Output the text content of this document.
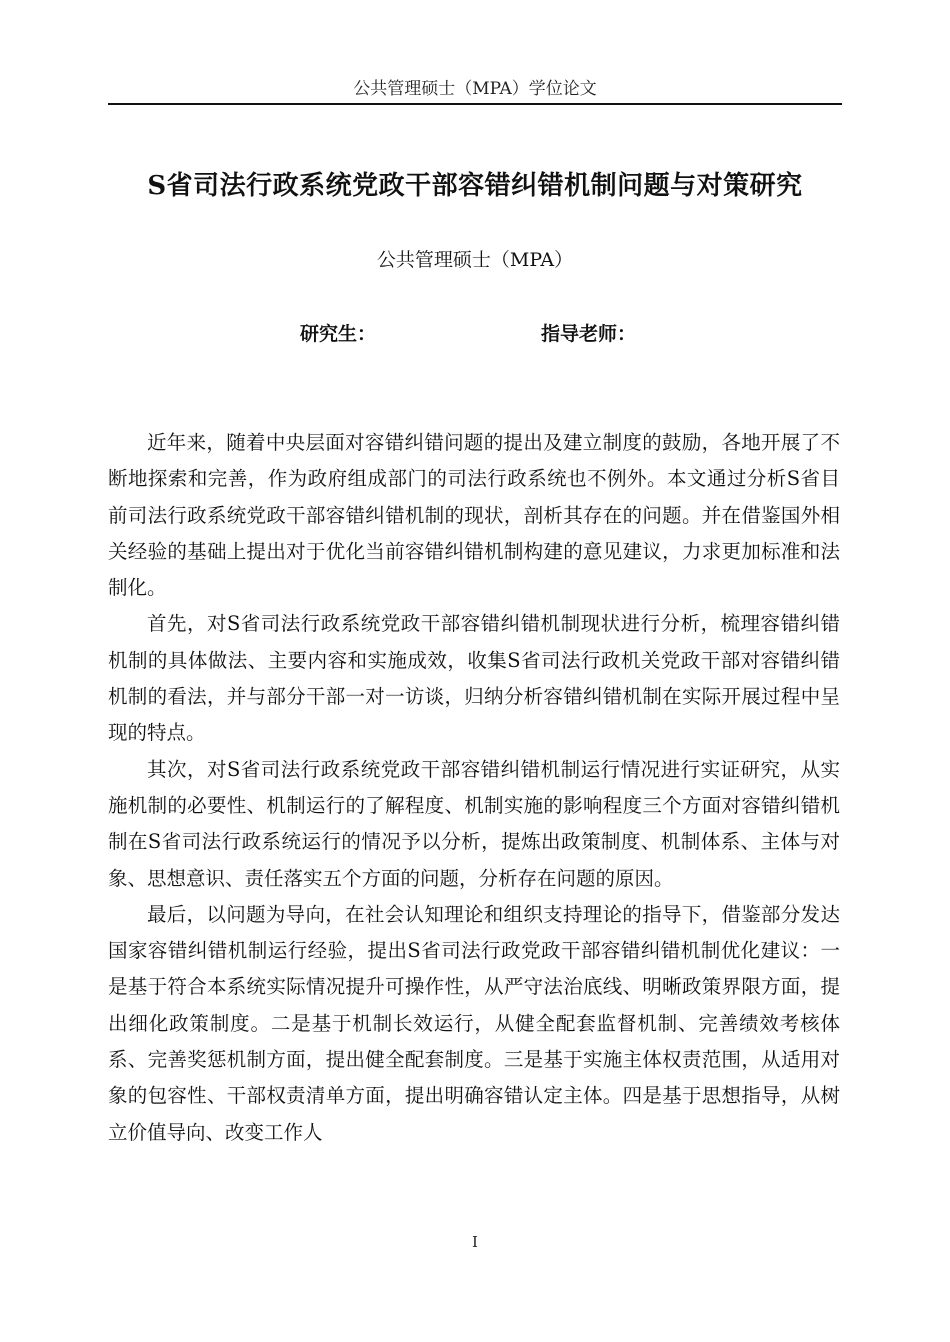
公共管理硕士（MPA）学位论文
S省司法行政系统党政干部容错纠错机制问题与对策研究
公共管理硕士（MPA）
研究生：	指导老师：

近年来，随着中央层面对容错纠错问题的提出及建立制度的鼓励，各地开展了不断地探索和完善，作为政府组成部门的司法行政系统也不例外。本文通过分析S省目前司法行政系统党政干部容错纠错机制的现状，剖析其存在的问题。并在借鉴国外相关经验的基础上提出对于优化当前容错纠错机制构建的意见建议，力求更加标准和法制化。

首先，对S省司法行政系统党政干部容错纠错机制现状进行分析，梳理容错纠错机制的具体做法、主要内容和实施成效，收集S省司法行政机关党政干部对容错纠错机制的看法，并与部分干部一对一访谈，归纳分析容错纠错机制在实际开展过程中呈现的特点。

其次，对S省司法行政系统党政干部容错纠错机制运行情况进行实证研究，从实施机制的必要性、机制运行的了解程度、机制实施的影响程度三个方面对容错纠错机制在S省司法行政系统运行的情况予以分析，提炼出政策制度、机制体系、主体与对象、思想意识、责任落实五个方面的问题，分析存在问题的原因。

最后，以问题为导向，在社会认知理论和组织支持理论的指导下，借鉴部分发达国家容错纠错机制运行经验，提出S省司法行政党政干部容错纠错机制优化建议：一是基于符合本系统实际情况提升可操作性，从严守法治底线、明晰政策界限方面，提出细化政策制度。二是基于机制长效运行，从健全配套监督机制、完善绩效考核体系、完善奖惩机制方面，提出健全配套制度。三是基于实施主体权责范围，从适用对象的包容性、干部权责清单方面，提出明确容错认定主体。四是基于思想指导，从树立价值导向、改变工作人

I
